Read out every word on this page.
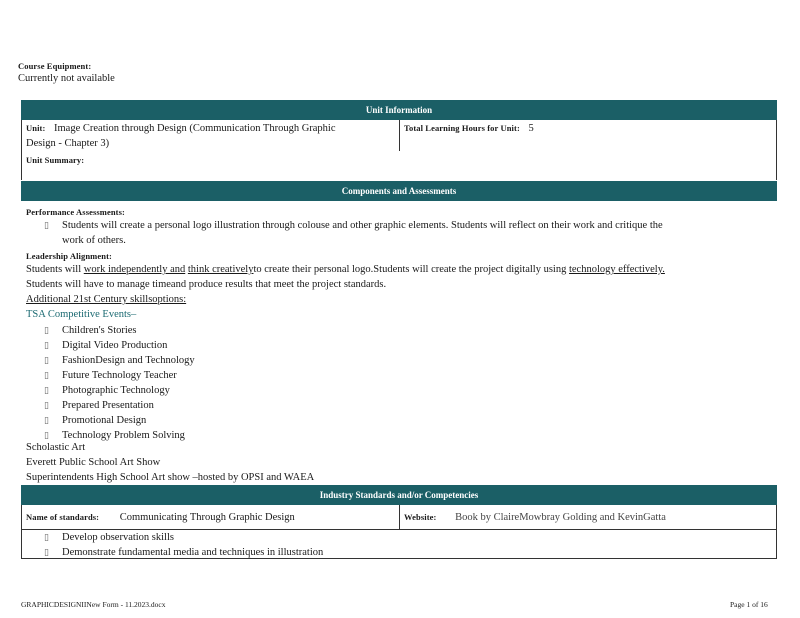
Course Equipment:
Currently not available
Unit Information
Unit: Image Creation through Design (Communication Through Graphic
Design - Chapter 3)
Total Learning Hours for Unit: 5
Unit Summary:
Components and Assessments
Performance Assessments:
▯ Students will create a personal logo illustration through colouse and other graphic elements. Students will reflect on their work and critique the
work of others.
Leadership Alignment:
Students will work independently and think creativelyto create their personal logo.Students will create the project digitally using technology effectively.
Students will have to manage timeand produce results that meet the project standards.
Additional 21st Century skillsoptions:
TSA Competitive Events–
▯ Children's Stories
▯ Digital Video Production
▯ FashionDesign and Technology
▯ Future Technology Teacher
▯ Photographic Technology
▯ Prepared Presentation
▯ Promotional Design
▯ Technology Problem Solving
Scholastic Art
Everett Public School Art Show
Superintendents High School Art show –hosted by OPSI and WAEA
Industry Standards and/or Competencies
Name of standards: Communicating Through Graphic Design	Website: Book by ClaireMowbray Golding and KevinGatta
▯ Develop observation skills
▯ Demonstrate fundamental media and techniques in illustration
GRAPHICDESIGNIINew Form - 11.2023.docx	Page 1 of 16
